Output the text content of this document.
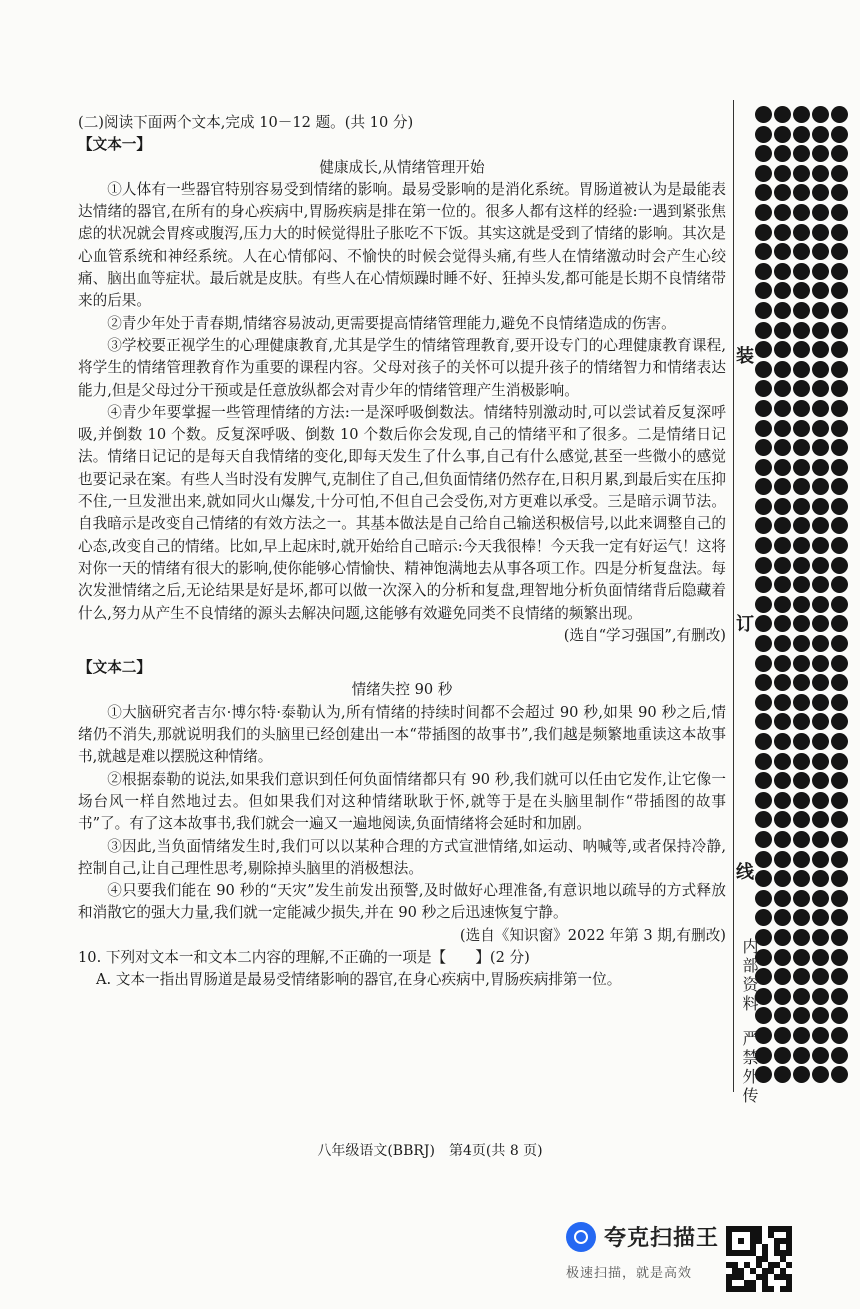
装
订
线
内部资料
严禁外传

(二)阅读下面两个文本,完成 10－12 题。(共 10 分)

【文本一】

健康成长,从情绪管理开始

①人体有一些器官特别容易受到情绪的影响。最易受影响的是消化系统。胃肠道被认为是最能表达情绪的器官,在所有的身心疾病中,胃肠疾病是排在第一位的。很多人都有这样的经验:一遇到紧张焦虑的状况就会胃疼或腹泻,压力大的时候觉得肚子胀吃不下饭。其实这就是受到了情绪的影响。其次是心血管系统和神经系统。人在心情郁闷、不愉快的时候会觉得头痛,有些人在情绪激动时会产生心绞痛、脑出血等症状。最后就是皮肤。有些人在心情烦躁时睡不好、狂掉头发,都可能是长期不良情绪带来的后果。

②青少年处于青春期,情绪容易波动,更需要提高情绪管理能力,避免不良情绪造成的伤害。

③学校要正视学生的心理健康教育,尤其是学生的情绪管理教育,要开设专门的心理健康教育课程,将学生的情绪管理教育作为重要的课程内容。父母对孩子的关怀可以提升孩子的情绪智力和情绪表达能力,但是父母过分干预或是任意放纵都会对青少年的情绪管理产生消极影响。

④青少年要掌握一些管理情绪的方法:一是深呼吸倒数法。情绪特别激动时,可以尝试着反复深呼吸,并倒数 10 个数。反复深呼吸、倒数 10 个数后你会发现,自己的情绪平和了很多。二是情绪日记法。情绪日记记的是每天自我情绪的变化,即每天发生了什么事,自己有什么感觉,甚至一些微小的感觉也要记录在案。有些人当时没有发脾气,克制住了自己,但负面情绪仍然存在,日积月累,到最后实在压抑不住,一旦发泄出来,就如同火山爆发,十分可怕,不但自己会受伤,对方更难以承受。三是暗示调节法。自我暗示是改变自己情绪的有效方法之一。其基本做法是自己给自己输送积极信号,以此来调整自己的心态,改变自己的情绪。比如,早上起床时,就开始给自己暗示:今天我很棒！今天我一定有好运气！这将对你一天的情绪有很大的影响,使你能够心情愉快、精神饱满地去从事各项工作。四是分析复盘法。每次发泄情绪之后,无论结果是好是坏,都可以做一次深入的分析和复盘,理智地分析负面情绪背后隐藏着什么,努力从产生不良情绪的源头去解决问题,这能够有效避免同类不良情绪的频繁出现。

(选自“学习强国”,有删改)

【文本二】

情绪失控 90 秒

①大脑研究者吉尔·博尔特·泰勒认为,所有情绪的持续时间都不会超过 90 秒,如果 90 秒之后,情绪仍不消失,那就说明我们的头脑里已经创建出一本“带插图的故事书”,我们越是频繁地重读这本故事书,就越是难以摆脱这种情绪。

②根据泰勒的说法,如果我们意识到任何负面情绪都只有 90 秒,我们就可以任由它发作,让它像一场台风一样自然地过去。但如果我们对这种情绪耿耿于怀,就等于是在头脑里制作“带插图的故事书”了。有了这本故事书,我们就会一遍又一遍地阅读,负面情绪将会延时和加剧。

③因此,当负面情绪发生时,我们可以以某种合理的方式宣泄情绪,如运动、呐喊等,或者保持冷静,控制自己,让自己理性思考,剔除掉头脑里的消极想法。

④只要我们能在 90 秒的“天灾”发生前发出预警,及时做好心理准备,有意识地以疏导的方式释放和消散它的强大力量,我们就一定能减少损失,并在 90 秒之后迅速恢复宁静。

(选自《知识窗》2022 年第 3 期,有删改)

10. 下列对文本一和文本二内容的理解,不正确的一项是【　　】(2 分)

A. 文本一指出胃肠道是最易受情绪影响的器官,在身心疾病中,胃肠疾病排第一位。

八年级语文(BBRJ)　第4页(共 8 页)
夸克扫描王
极速扫描，就是高效
